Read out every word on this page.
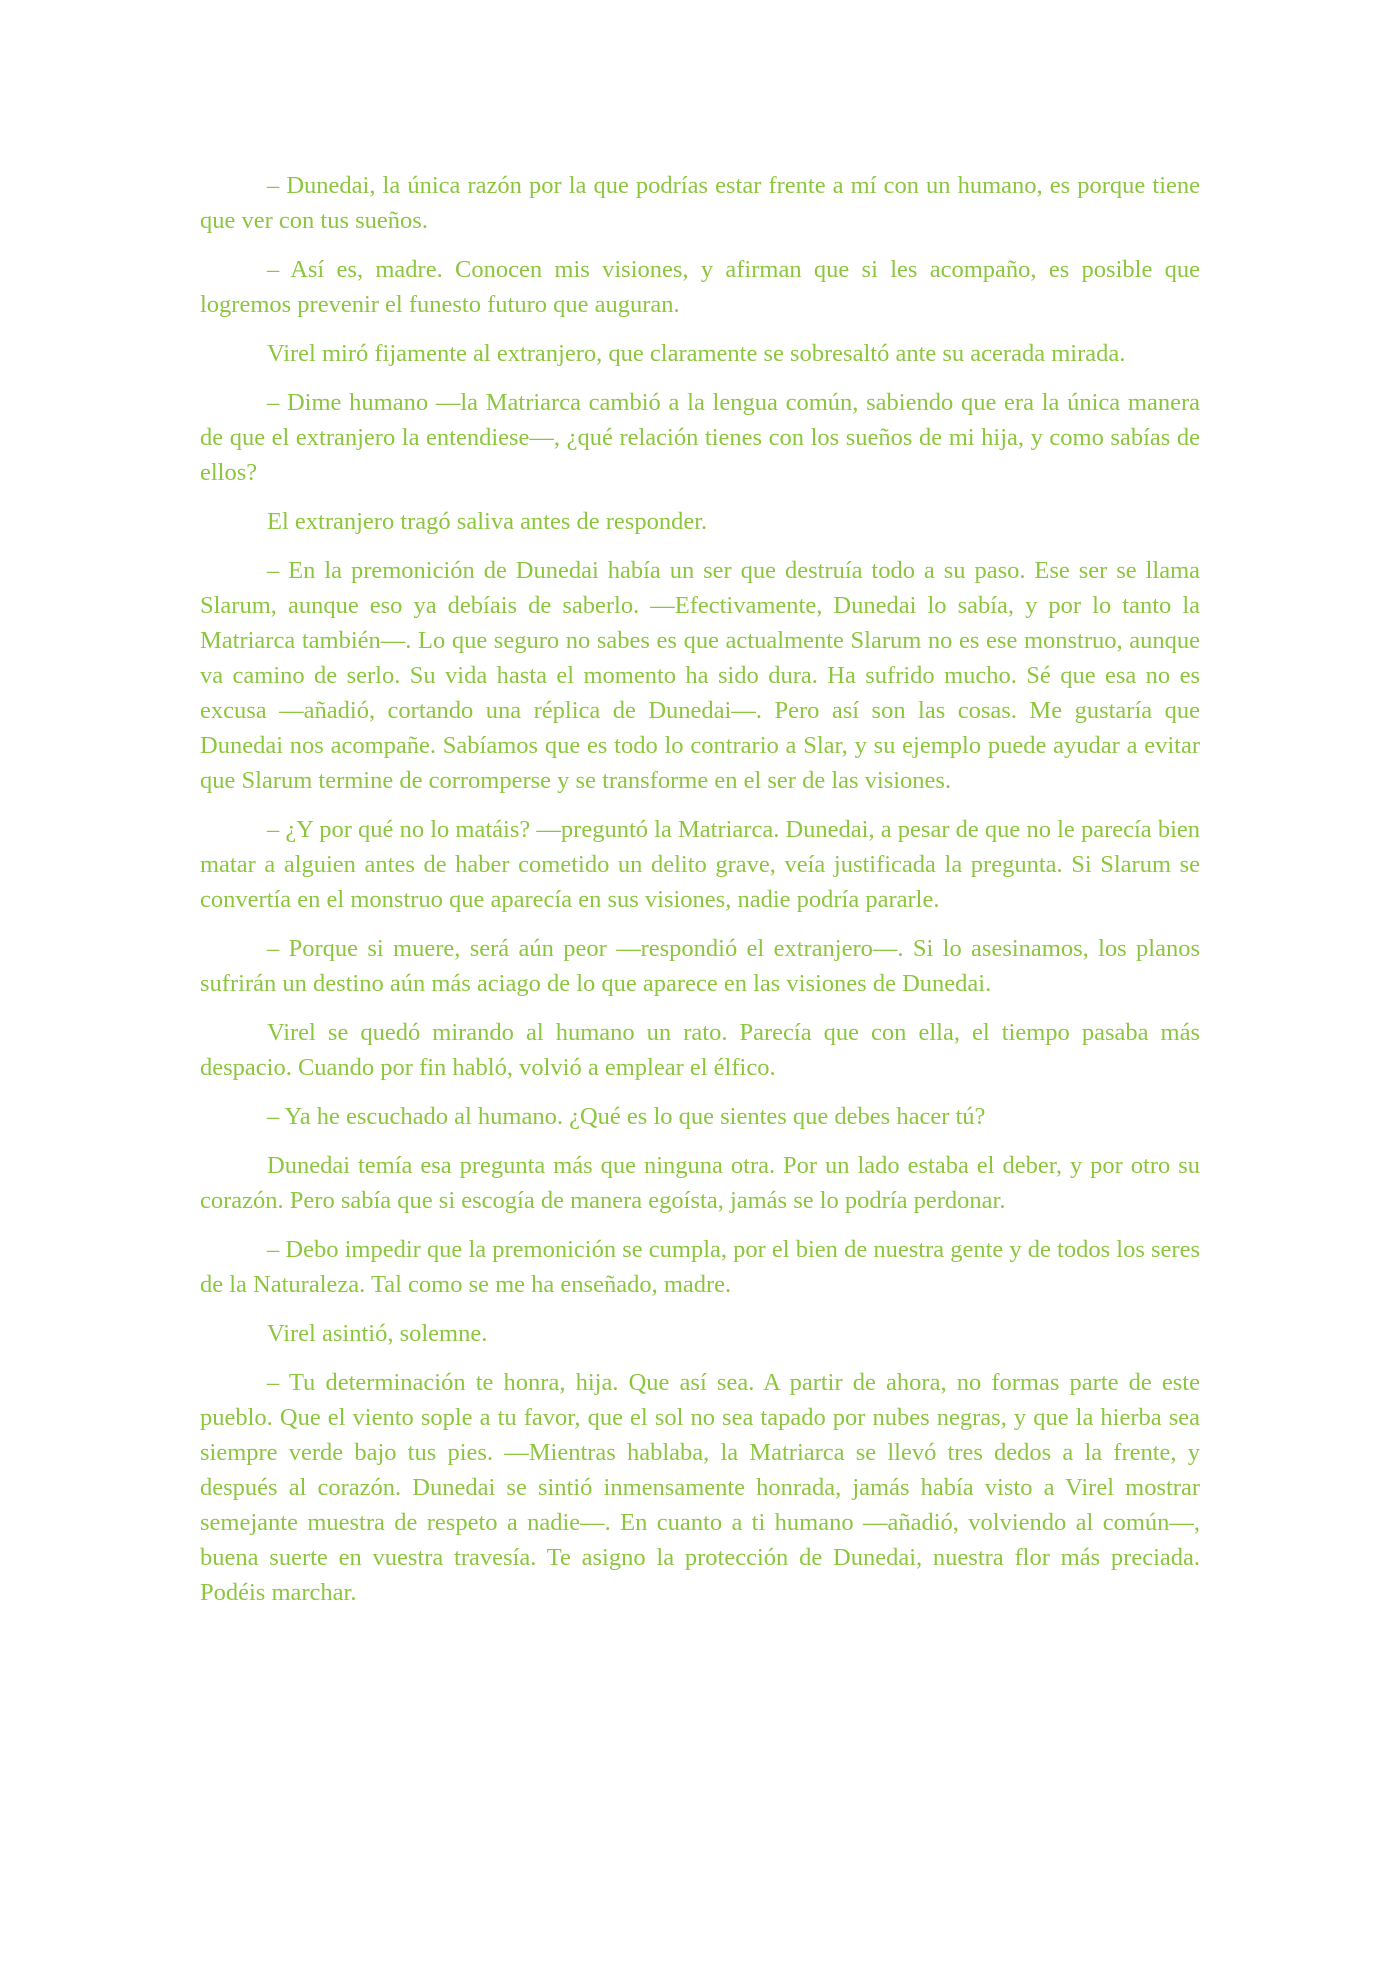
– Dunedai, la única razón por la que podrías estar frente a mí con un humano, es porque tiene que ver con tus sueños.

– Así es, madre. Conocen mis visiones, y afirman que si les acompaño, es posible que logremos prevenir el funesto futuro que auguran.

Virel miró fijamente al extranjero, que claramente se sobresaltó ante su acerada mirada.

– Dime humano —la Matriarca cambió a la lengua común, sabiendo que era la única manera de que el extranjero la entendiese—, ¿qué relación tienes con los sueños de mi hija, y como sabías de ellos?

El extranjero tragó saliva antes de responder.

– En la premonición de Dunedai había un ser que destruía todo a su paso. Ese ser se llama Slarum, aunque eso ya debíais de saberlo. —Efectivamente, Dunedai lo sabía, y por lo tanto la Matriarca también—. Lo que seguro no sabes es que actualmente Slarum no es ese monstruo, aunque va camino de serlo. Su vida hasta el momento ha sido dura. Ha sufrido mucho. Sé que esa no es excusa —añadió, cortando una réplica de Dunedai—. Pero así son las cosas. Me gustaría que Dunedai nos acompañe. Sabíamos que es todo lo contrario a Slar, y su ejemplo puede ayudar a evitar que Slarum termine de corromperse y se transforme en el ser de las visiones.

– ¿Y por qué no lo matáis? —preguntó la Matriarca. Dunedai, a pesar de que no le parecía bien matar a alguien antes de haber cometido un delito grave, veía justificada la pregunta. Si Slarum se convertía en el monstruo que aparecía en sus visiones, nadie podría pararle.

– Porque si muere, será aún peor —respondió el extranjero—. Si lo asesinamos, los planos sufrirán un destino aún más aciago de lo que aparece en las visiones de Dunedai.

Virel se quedó mirando al humano un rato. Parecía que con ella, el tiempo pasaba más despacio. Cuando por fin habló, volvió a emplear el élfico.

– Ya he escuchado al humano. ¿Qué es lo que sientes que debes hacer tú?

Dunedai temía esa pregunta más que ninguna otra. Por un lado estaba el deber, y por otro su corazón. Pero sabía que si escogía de manera egoísta, jamás se lo podría perdonar.

– Debo impedir que la premonición se cumpla, por el bien de nuestra gente y de todos los seres de la Naturaleza. Tal como se me ha enseñado, madre.

Virel asintió, solemne.

– Tu determinación te honra, hija. Que así sea. A partir de ahora, no formas parte de este pueblo. Que el viento sople a tu favor, que el sol no sea tapado por nubes negras, y que la hierba sea siempre verde bajo tus pies. —Mientras hablaba, la Matriarca se llevó tres dedos a la frente, y después al corazón. Dunedai se sintió inmensamente honrada, jamás había visto a Virel mostrar semejante muestra de respeto a nadie—. En cuanto a ti humano —añadió, volviendo al común—, buena suerte en vuestra travesía. Te asigno la protección de Dunedai, nuestra flor más preciada. Podéis marchar.
